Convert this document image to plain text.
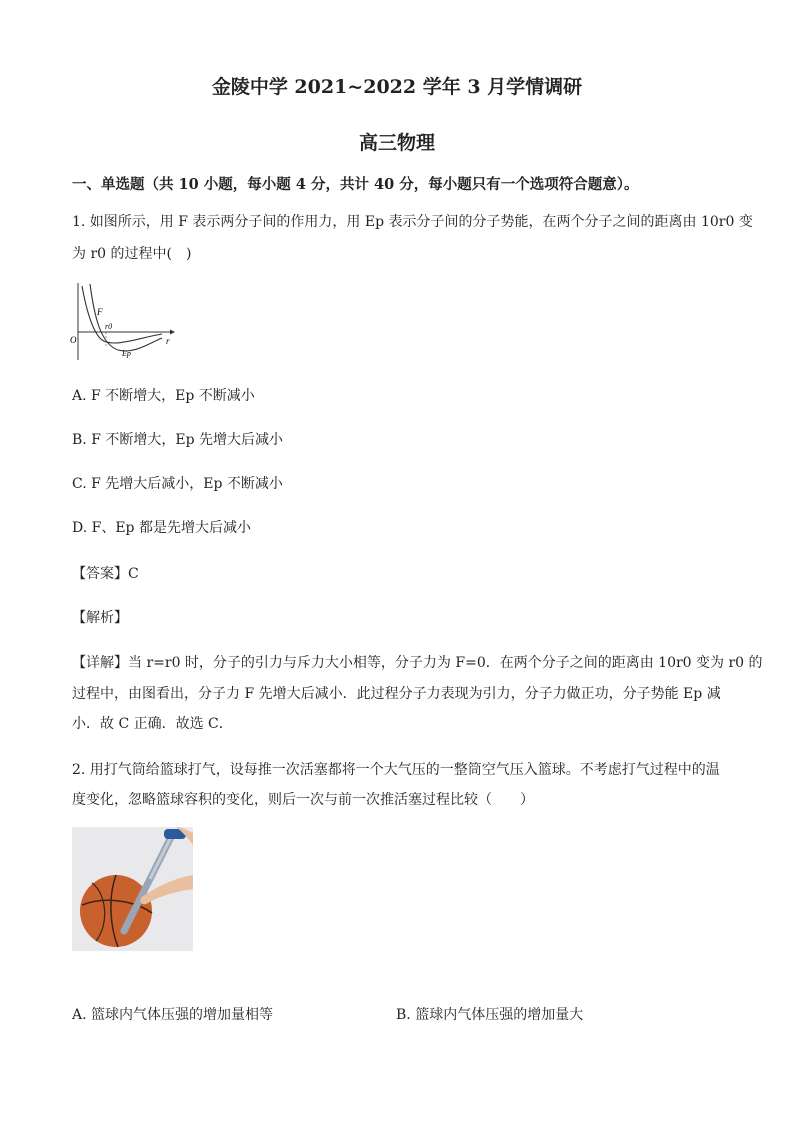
金陵中学 2021~2022 学年 3 月学情调研
高三物理
一、单选题（共 10 小题，每小题 4 分，共计 40 分，每小题只有一个选项符合题意）。
1. 如图所示，用 F 表示两分子间的作用力，用 Ep 表示分子间的分子势能，在两个分子之间的距离由 10r0 变
为 r0 的过程中(　)
F
r0
Ep
O	r
A. F 不断增大，Ep 不断减小
B. F 不断增大，Ep 先增大后减小
C. F 先增大后减小，Ep 不断减小
D. F、Ep 都是先增大后减小
【答案】C
【解析】
【详解】当 r=r0 时，分子的引力与斥力大小相等，分子力为 F=0．在两个分子之间的距离由 10r0 变为 r0 的
过程中，由图看出，分子力 F 先增大后减小．此过程分子力表现为引力，分子力做正功，分子势能 Ep 减
小．故 C 正确．故选 C．
2. 用打气筒给篮球打气，设每推一次活塞都将一个大气压的一整筒空气压入篮球。不考虑打气过程中的温
度变化，忽略篮球容积的变化，则后一次与前一次推活塞过程比较（　　）
A. 篮球内气体压强的增加量相等	B. 篮球内气体压强的增加量大
